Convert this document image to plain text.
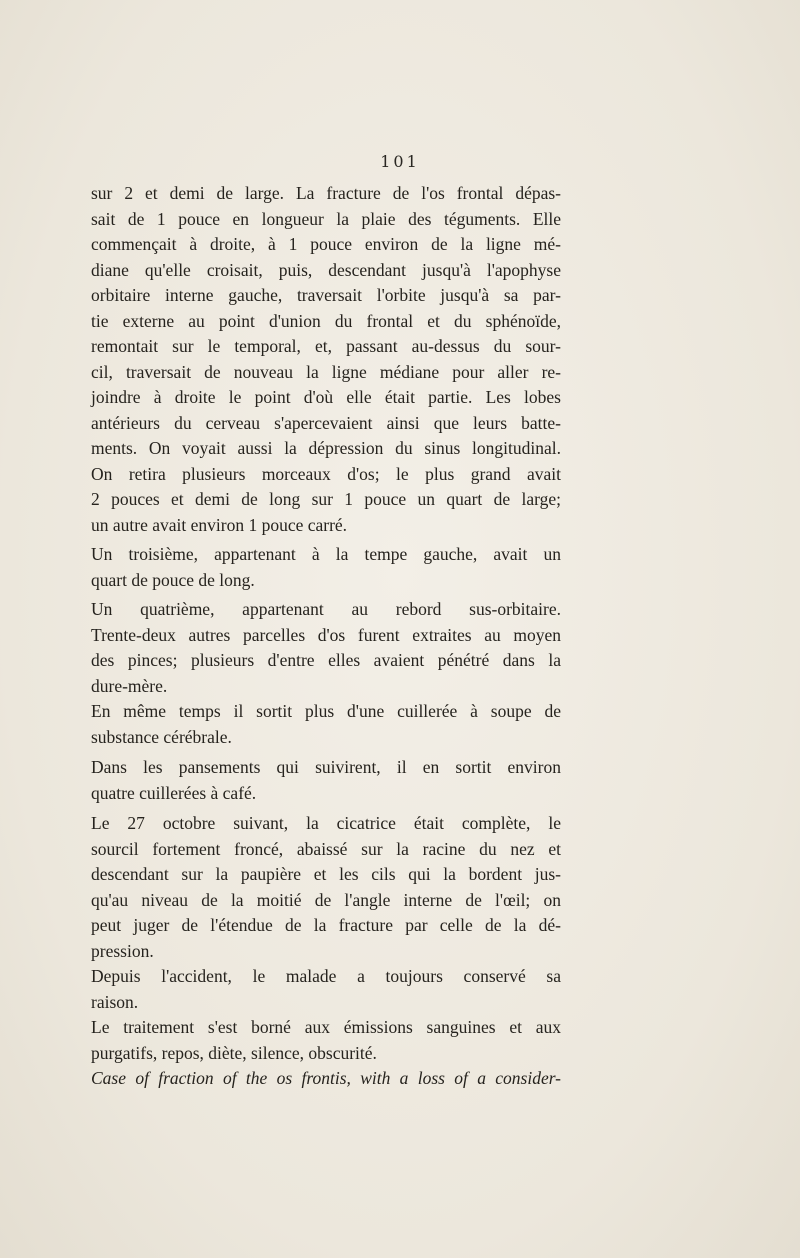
101
sur 2 et demi de large. La fracture de l'os frontal dépas-
sait de 1 pouce en longueur la plaie des téguments. Elle
commençait à droite, à 1 pouce environ de la ligne mé-
diane qu'elle croisait, puis, descendant jusqu'à l'apophyse
orbitaire interne gauche, traversait l'orbite jusqu'à sa par-
tie externe au point d'union du frontal et du sphénoïde,
remontait sur le temporal, et, passant au-dessus du sour-
cil, traversait de nouveau la ligne médiane pour aller re-
joindre à droite le point d'où elle était partie. Les lobes
antérieurs du cerveau s'apercevaient ainsi que leurs batte-
ments. On voyait aussi la dépression du sinus longitudinal.
On retira plusieurs morceaux d'os; le plus grand avait
2 pouces et demi de long sur 1 pouce un quart de large;
un autre avait environ 1 pouce carré.
Un troisième, appartenant à la tempe gauche, avait un
quart de pouce de long.
Un quatrième, appartenant au rebord sus-orbitaire.
Trente-deux autres parcelles d'os furent extraites au moyen
des pinces; plusieurs d'entre elles avaient pénétré dans la
dure-mère.
En même temps il sortit plus d'une cuillerée à soupe de
substance cérébrale.
Dans les pansements qui suivirent, il en sortit environ
quatre cuillerées à café.
Le 27 octobre suivant, la cicatrice était complète, le
sourcil fortement froncé, abaissé sur la racine du nez et
descendant sur la paupière et les cils qui la bordent jus-
qu'au niveau de la moitié de l'angle interne de l'œil; on
peut juger de l'étendue de la fracture par celle de la dé-
pression.
Depuis l'accident, le malade a toujours conservé sa
raison.
Le traitement s'est borné aux émissions sanguines et aux
purgatifs, repos, diète, silence, obscurité.
Case of fraction of the os frontis, with a loss of a consider-
